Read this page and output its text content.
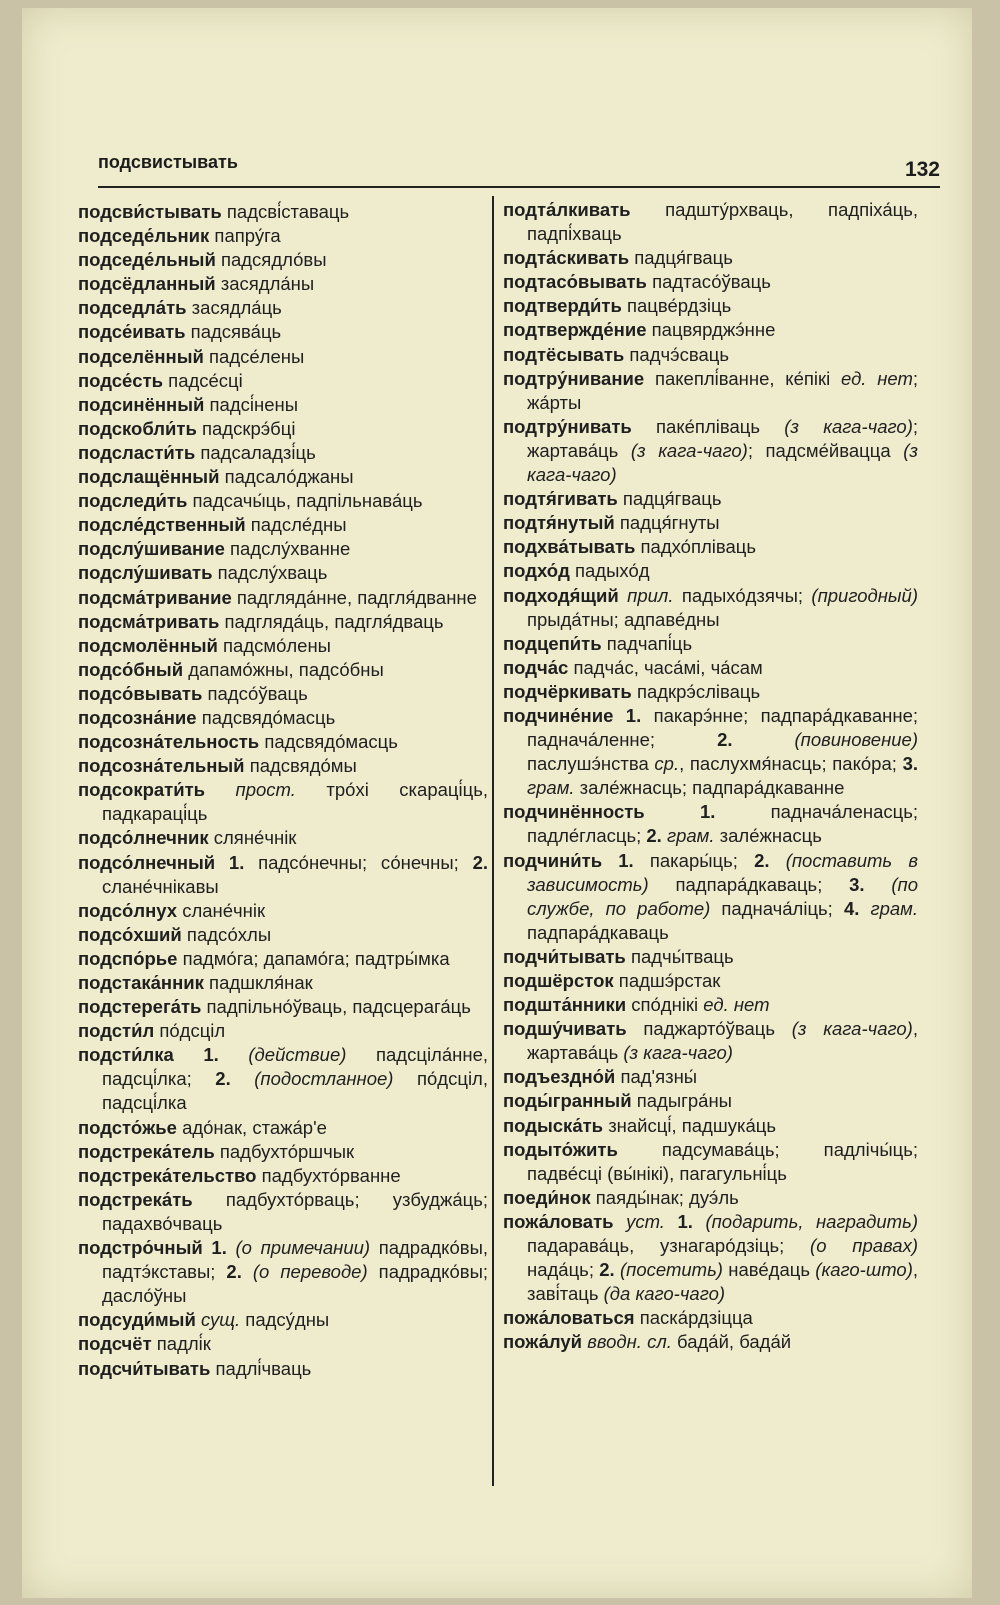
подсвистывать	132

подсви́стывать падсві́ставаць

подседе́льник папру́га

подседе́льный падсядло́вы

подсёдланный засядла́ны

подседла́ть засядла́ць

подсе́ивать падсява́ць

подселённый падсе́лены

подсе́сть падсе́сці

подсинённый падсі́нены

подскобли́ть падскрэ́бці

подсласти́ть падсаладзі́ць

подслащённый падсало́джаны

подследи́ть падсачы́ць, падпільнава́ць

подсле́дственный падсле́дны

подслу́шивание падслу́хванне

подслу́шивать падслу́хваць

подсма́тривание падгляда́нне, падгля́дванне

подсма́тривать падгляда́ць, падгля́дваць

подсмолённый падсмо́лены

подсо́бный дапамо́жны, падсо́бны

подсо́вывать падсо́ўваць

подсозна́ние падсвядо́масць

подсозна́тельность падсвядо́масць

подсозна́тельный падсвядо́мы

подсократи́ть прост. тро́хі скараці́ць, падкараці́ць

подсо́лнечник сляне́чнік

подсо́лнечный 1. падсо́нечны; со́нечны; 2. слане́чнікавы

подсо́лнух слане́чнік

подсо́хший падсо́хлы

подспо́рье падмо́га; дапамо́га; падтры́мка

подстака́нник падшкля́нак

подстерега́ть падпільно́ўваць, падсцерага́ць

подсти́л по́дсціл

подсти́лка 1. (действие) падсціла́нне, падсці́лка; 2. (подостланное) по́дсціл, падсці́лка

подсто́жье адо́нак, стажа́р'е

подстрека́тель падбухто́ршчык

подстрека́тельство падбухто́рванне

подстрека́ть падбухто́рваць; узбуджа́ць; падахво́чваць

подстро́чный 1. (о примечании) падрадко́вы, падтэ́кставы; 2. (о переводе) падрадко́вы; дасло́ўны

подсуди́мый сущ. падсу́дны

подсчёт падлі́к

подсчи́тывать падлі́чваць

подта́лкивать падшту́рхваць, падпіха́ць, падпі́хваць

подта́скивать падця́гваць

подтасо́вывать падтасо́ўваць

подтверди́ть пацве́рдзіць

подтвержде́ние пацвярджэ́нне

подтёсывать падчэ́сваць

подтру́нивание пакеплі́ванне, ке́пікі ед. нет; жа́рты

подтру́нивать паке́пліваць (з кага-чаго); жартава́ць (з кага-чаго); падсме́йвацца (з кага-чаго)

подтя́гивать падця́гваць

подтя́нутый падця́гнуты

подхва́тывать падхо́пліваць

подхо́д падыхо́д

подходя́щий прил. падыхо́дзячы; (пригодный) прыда́тны; адпаве́дны

подцепи́ть падчапі́ць

подча́с падча́с, часа́мі, ча́сам

подчёркивать падкрэ́сліваць

подчине́ние 1. пакарэ́нне; падпара́дкаванне; паднача́ленне; 2.	(повиновение) паслушэ́нства ср., паслухмя́насць; пако́ра; 3. грам. зале́жнасць; падпара́дкаванне

подчинённость	1. паднача́ленасць; падле́гласць; 2. грам. зале́жнасць

подчини́ть 1. пакары́ць; 2. (поставить в зависимость) падпара́дкаваць; 3. (по службе, по работе) паднача́ліць; 4. грам. падпара́дкаваць

подчи́тывать падчы́тваць

подшёрсток падшэ́рстак

подшта́нники спо́днікі ед. нет

подшу́чивать паджарто́ўваць (з кага-чаго), жартава́ць (з кага-чаго)

подъездно́й пад'язны́

поды́гранный падыгра́ны

подыска́ть знайсці́, падшука́ць

подыто́жить падсумава́ць; падлічы́ць; падве́сці (вы́нікі), пагагульні́ць

поеди́нок паяды́нак; дуэ́ль

пожа́ловать уст. 1. (подарить, наградить) падарава́ць, узнагаро́дзіць; (о правах) нада́ць; 2. (посетить) наве́даць (каго-што), заві́таць (да каго-чаго)

пожа́ловаться паска́рдзіцца

пожа́луй вводн. сл. бада́й, бада́й
